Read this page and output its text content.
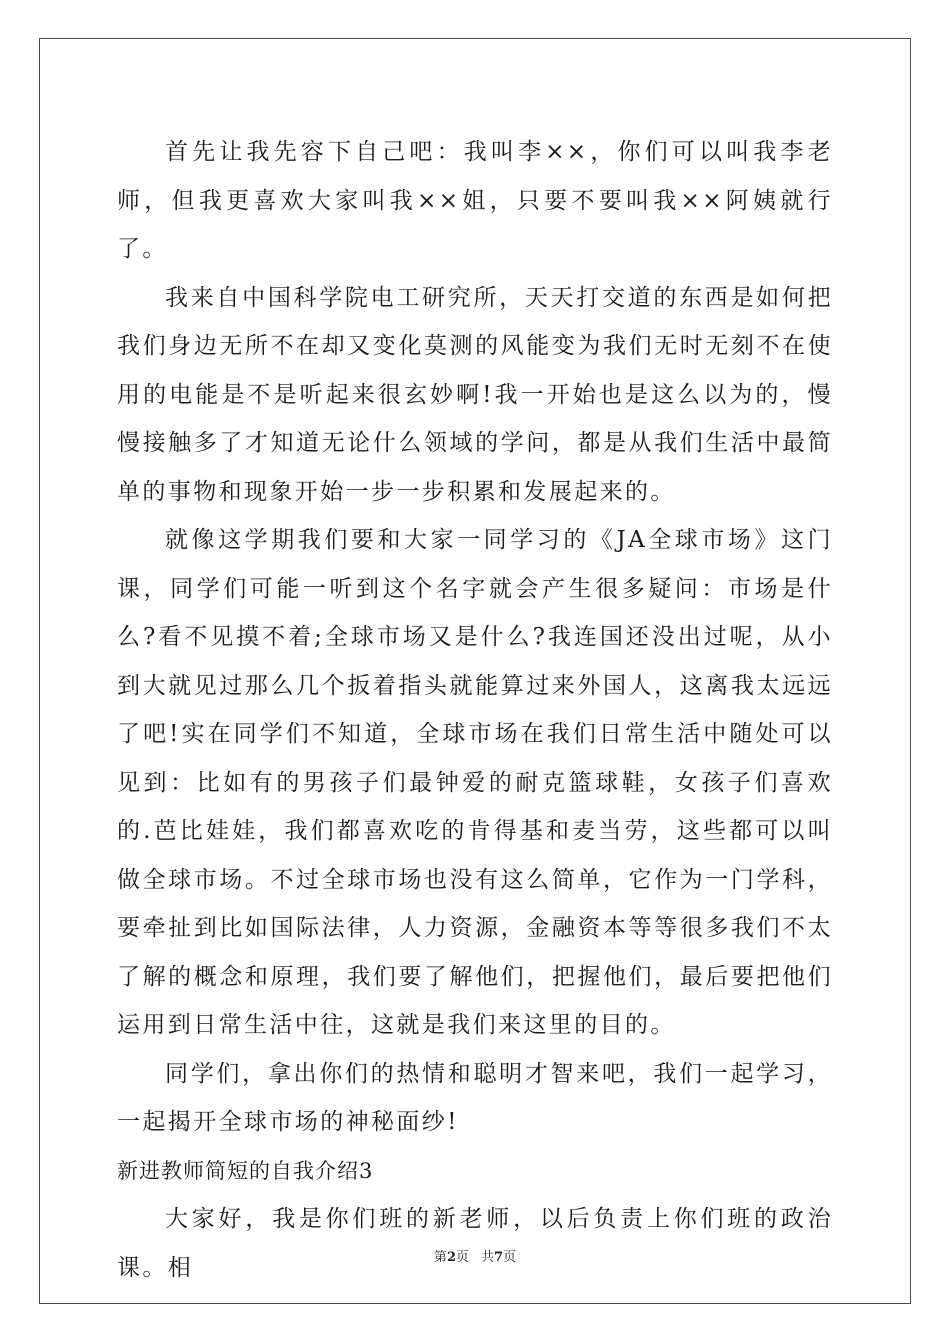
首先让我先容下自己吧：我叫李××，你们可以叫我李老师，但我更喜欢大家叫我××姐，只要不要叫我××阿姨就行了。

我来自中国科学院电工研究所，天天打交道的东西是如何把我们身边无所不在却又变化莫测的风能变为我们无时无刻不在使用的电能是不是听起来很玄妙啊!我一开始也是这么以为的，慢慢接触多了才知道无论什么领域的学问，都是从我们生活中最简单的事物和现象开始一步一步积累和发展起来的。

就像这学期我们要和大家一同学习的《JA全球市场》这门课，同学们可能一听到这个名字就会产生很多疑问：市场是什么?看不见摸不着;全球市场又是什么?我连国还没出过呢，从小到大就见过那么几个扳着指头就能算过来外国人，这离我太远远了吧!实在同学们不知道，全球市场在我们日常生活中随处可以见到：比如有的男孩子们最钟爱的耐克篮球鞋，女孩子们喜欢的.芭比娃娃，我们都喜欢吃的肯得基和麦当劳，这些都可以叫做全球市场。不过全球市场也没有这么简单，它作为一门学科，要牵扯到比如国际法律，人力资源，金融资本等等很多我们不太了解的概念和原理，我们要了解他们，把握他们，最后要把他们运用到日常生活中往，这就是我们来这里的目的。

同学们，拿出你们的热情和聪明才智来吧，我们一起学习，一起揭开全球市场的神秘面纱!

新进教师简短的自我介绍3

大家好，我是你们班的新老师，以后负责上你们班的政治课。相	第2页 共7页
